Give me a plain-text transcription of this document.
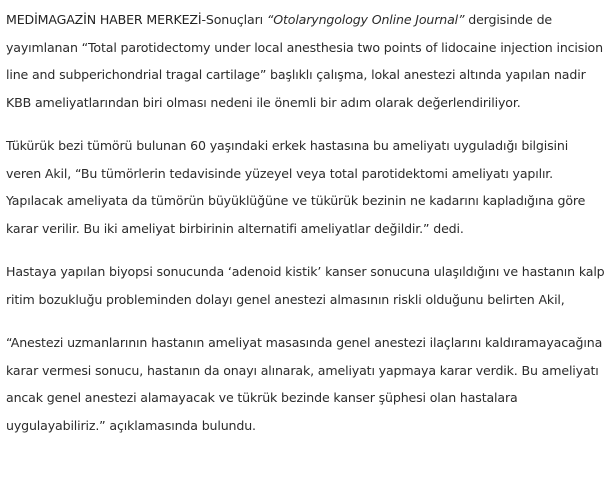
MEDİMAGAZİN HABER MERKEZİ-Sonuçları “Otolaryngology Online Journal” dergisinde de yayımlanan “Total parotidectomy under local anesthesia two points of lidocaine injection incision line and subperichondrial tragal cartilage” başlıklı çalışma, lokal anestezi altında yapılan nadir KBB ameliyatlarından biri olması nedeni ile önemli bir adım olarak değerlendiriliyor.

Tükürük bezi tümörü bulunan 60 yaşındaki erkek hastasına bu ameliyatı uyguladığı bilgisini veren Akil, “Bu tümörlerin tedavisinde yüzeyel veya total parotidektomi ameliyatı yapılır. Yapılacak ameliyata da tümörün büyüklüğüne ve tükürük bezinin ne kadarını kapladığına göre karar verilir. Bu iki ameliyat birbirinin alternatifi ameliyatlar değildir.” dedi.

Hastaya yapılan biyopsi sonucunda ‘adenoid kistik’ kanser sonucuna ulaşıldığını ve hastanın kalp ritim bozukluğu probleminden dolayı genel anestezi almasının riskli olduğunu belirten Akil,

“Anestezi uzmanlarının hastanın ameliyat masasında genel anestezi ilaçlarını kaldıramayacağına karar vermesi sonucu, hastanın da onayı alınarak, ameliyatı yapmaya karar verdik. Bu ameliyatı ancak genel anestezi alamayacak ve tükrük bezinde kanser şüphesi olan hastalara uygulayabiliriz.” açıklamasında bulundu.
